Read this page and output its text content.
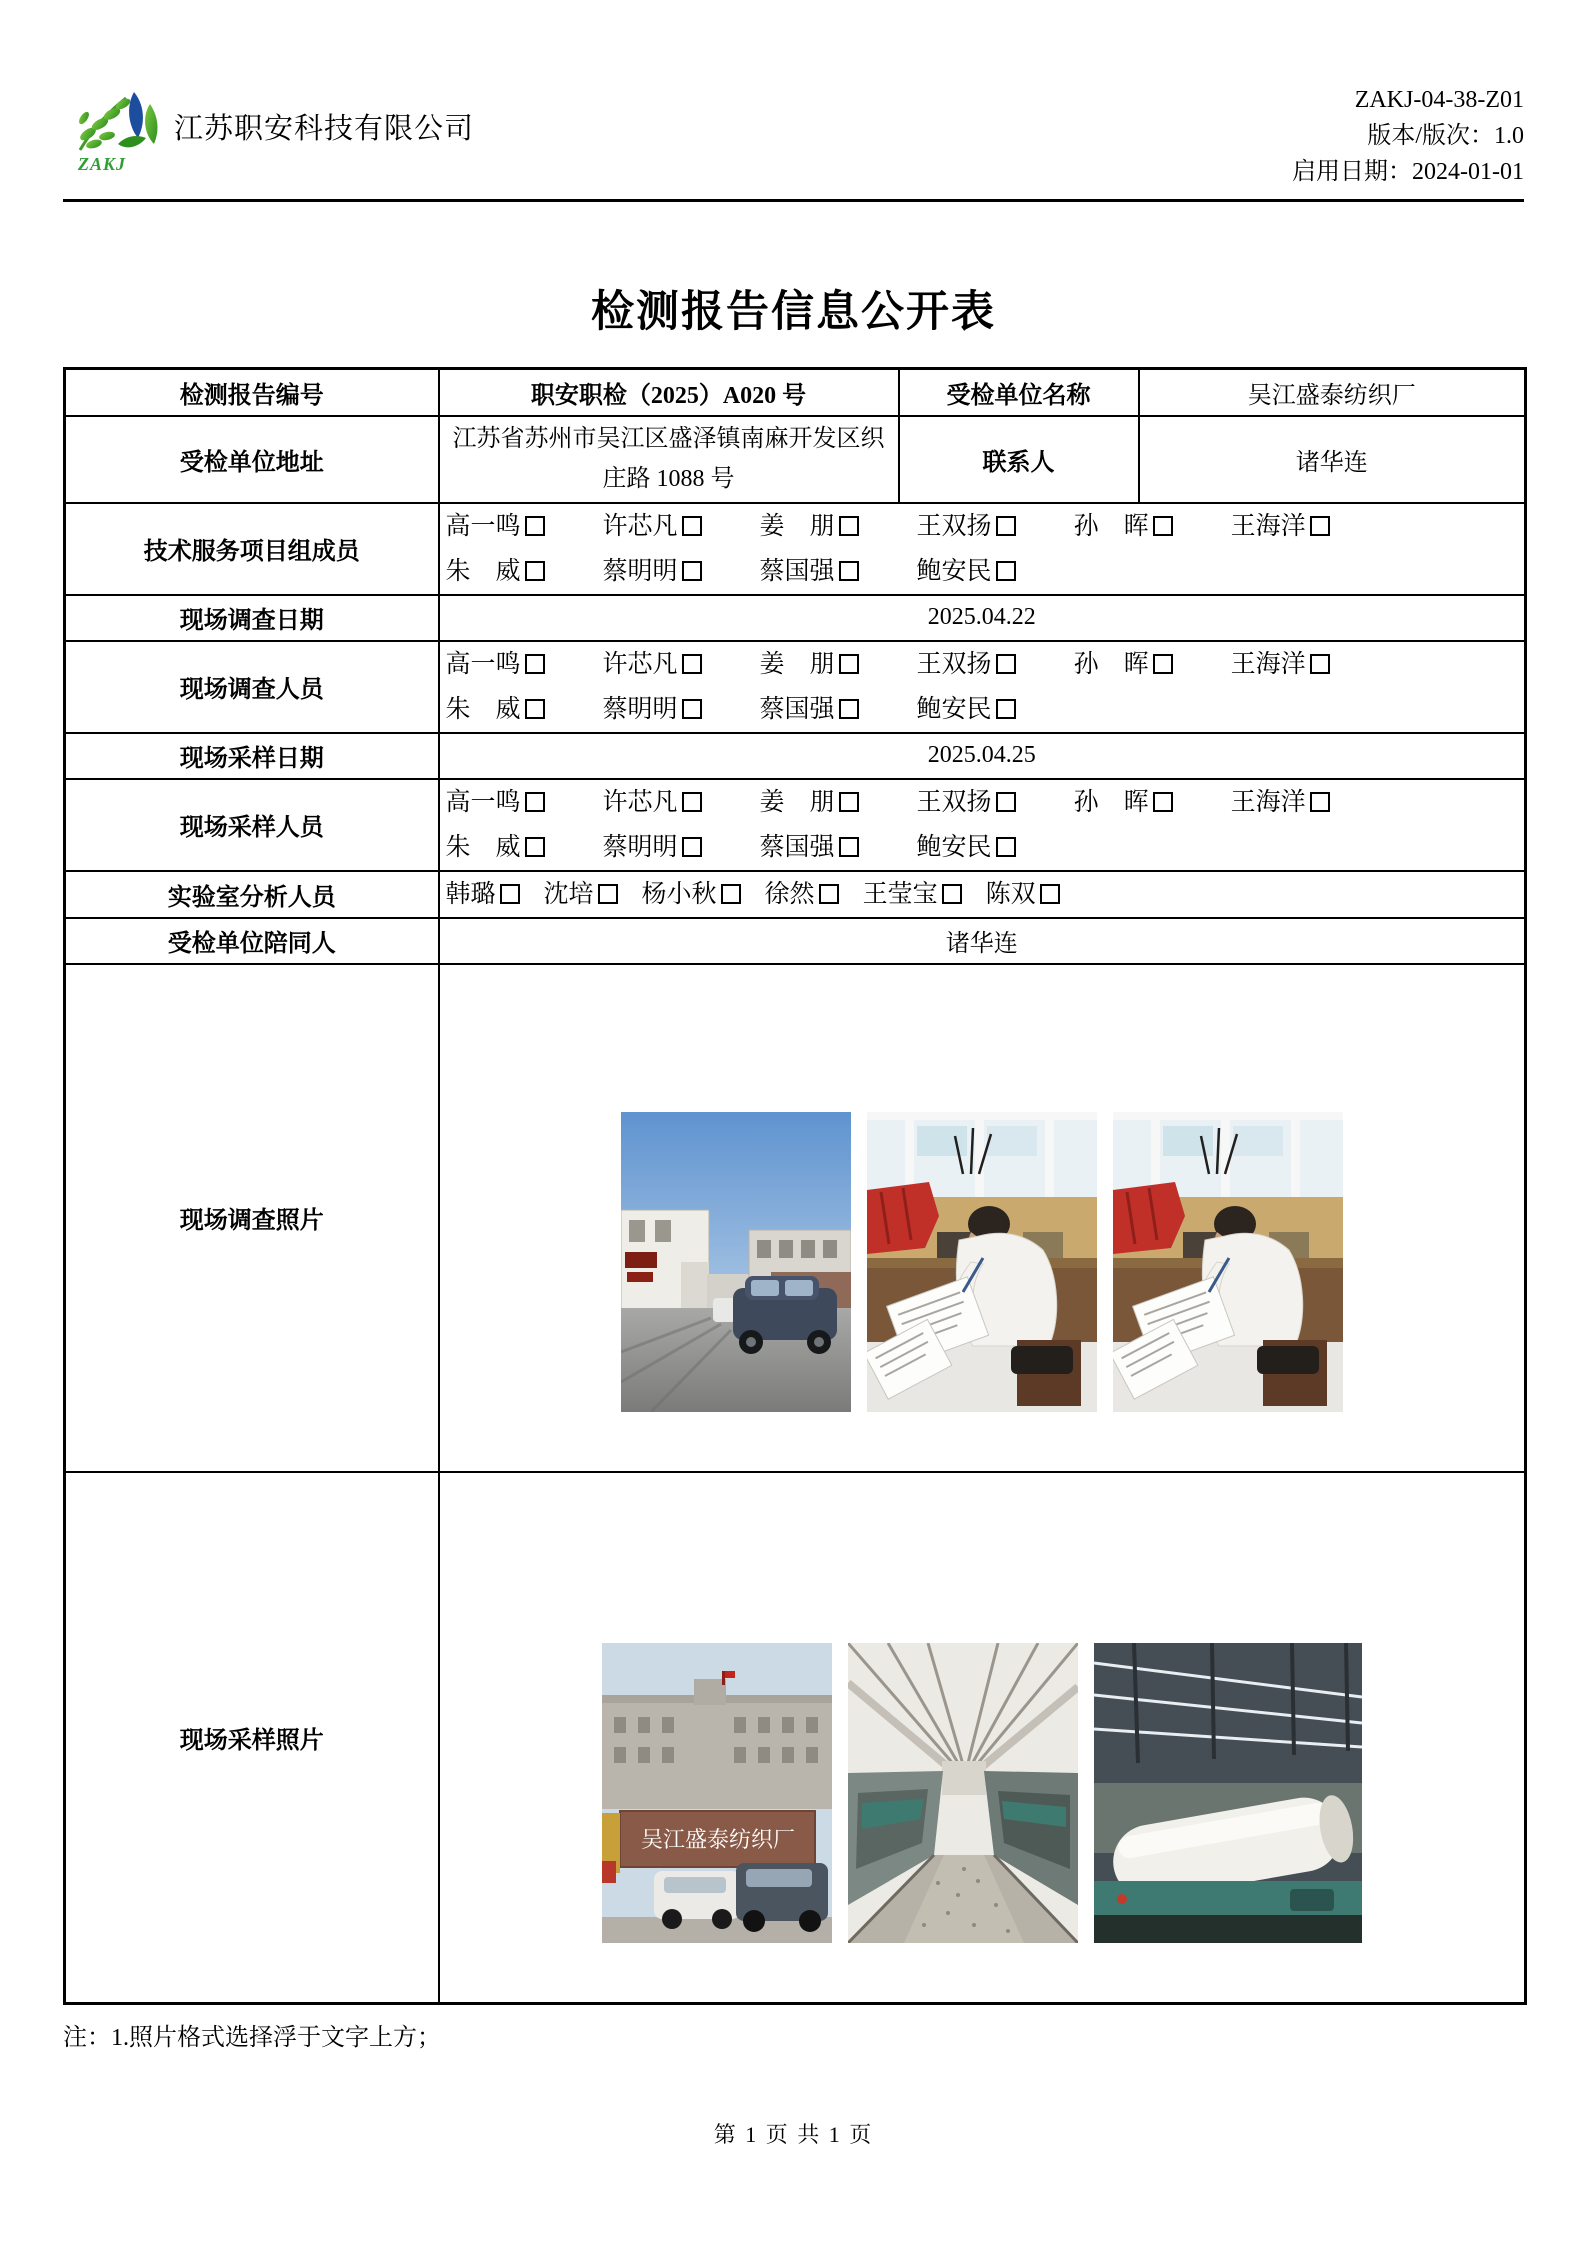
ZAKJ
江苏职安科技有限公司
ZAKJ-04-38-Z01
版本/版次：1.0
启用日期：2024-01-01
检测报告信息公开表
检测报告编号	职安职检（2025）A020 号	受检单位名称	吴江盛泰纺织厂
受检单位地址	江苏省苏州市吴江区盛泽镇南麻开发区织庄路 1088 号	联系人	诸华连
技术服务项目组成员	高一鸣 许芯凡 姜　朋 王双扬 孙　晖 王海洋
朱　威 蔡明明 蔡国强 鲍安民		

现场调查日期	2025.04.22		
现场调查人员	高一鸣 许芯凡 姜　朋 王双扬 孙　晖 王海洋
朱　威 蔡明明 蔡国强 鲍安民		

现场采样日期	2025.04.25		
现场采样人员	高一鸣 许芯凡 姜　朋 王双扬 孙　晖 王海洋
朱　威 蔡明明 蔡国强 鲍安民		

实验室分析人员	韩璐 沈培 杨小秋 徐然 王莹宝 陈双		

受检单位陪同人	诸华连		
现场调查照片	

现场采样照片	吴江盛泰纺织厂		
注：1.照片格式选择浮于文字上方；
第 1 页 共 1 页
